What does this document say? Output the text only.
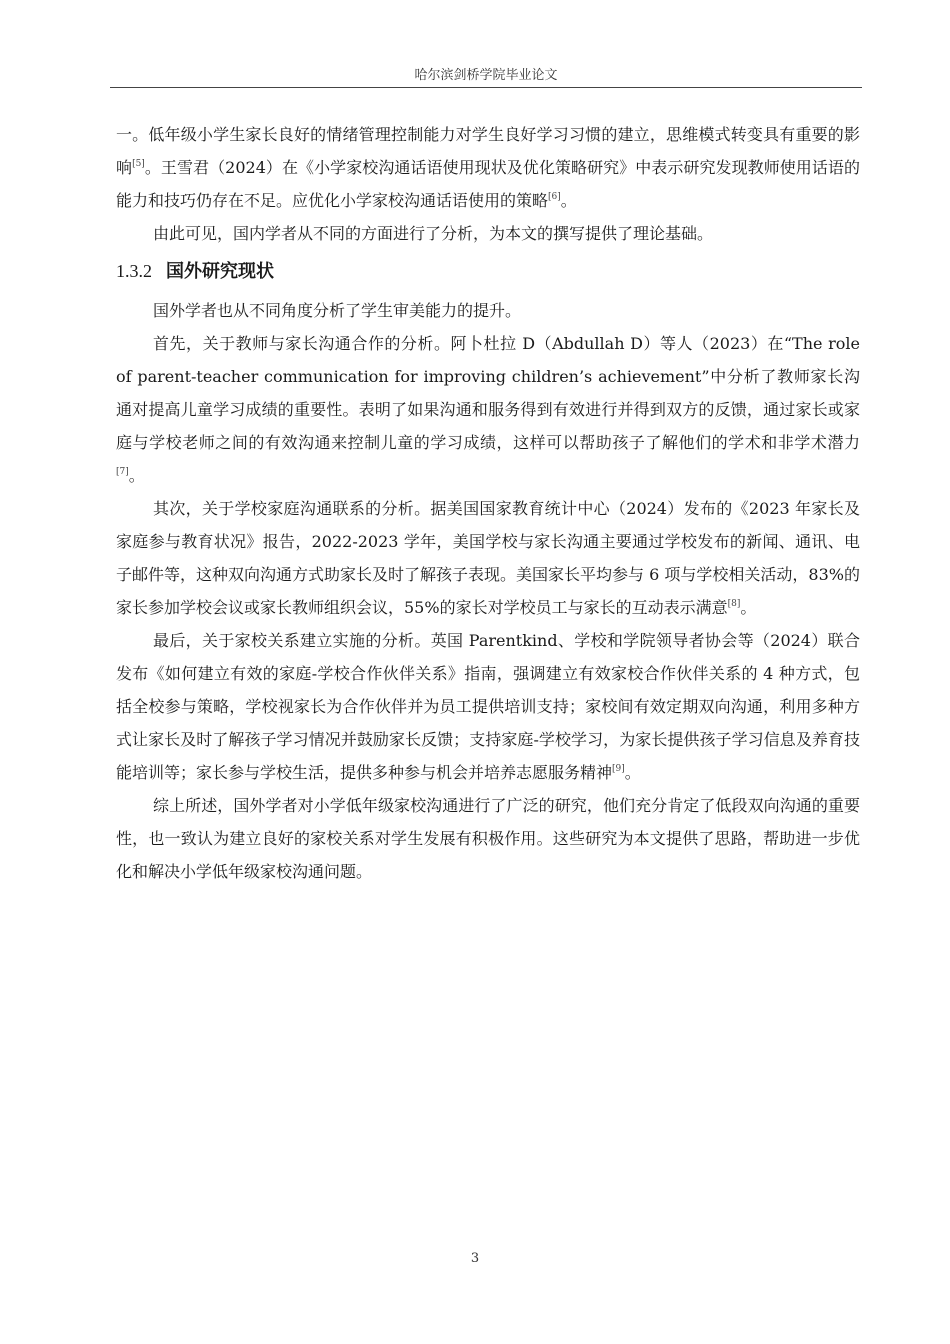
哈尔滨剑桥学院毕业论文

一。低年级小学生家长良好的情绪管理控制能力对学生良好学习习惯的建立，思维模式转变具有重要的影响[5]。王雪君（2024）在《小学家校沟通话语使用现状及优化策略研究》中表示研究发现教师使用话语的能力和技巧仍存在不足。应优化小学家校沟通话语使用的策略[6]。

由此可见，国内学者从不同的方面进行了分析，为本文的撰写提供了理论基础。

1.3.2 国外研究现状

国外学者也从不同角度分析了学生审美能力的提升。

首先，关于教师与家长沟通合作的分析。阿卜杜拉 D（Abdullah D）等人（2023）在“The role of parent-teacher communication for improving children’s achievement”中分析了教师家长沟通对提高儿童学习成绩的重要性。表明了如果沟通和服务得到有效进行并得到双方的反馈，通过家长或家庭与学校老师之间的有效沟通来控制儿童的学习成绩，这样可以帮助孩子了解他们的学术和非学术潜力[7]。

其次，关于学校家庭沟通联系的分析。据美国国家教育统计中心（2024）发布的《2023 年家长及家庭参与教育状况》报告，2022-2023 学年，美国学校与家长沟通主要通过学校发布的新闻、通讯、电子邮件等，这种双向沟通方式助家长及时了解孩子表现。美国家长平均参与 6 项与学校相关活动，83%的家长参加学校会议或家长教师组织会议，55%的家长对学校员工与家长的互动表示满意[8]。

最后，关于家校关系建立实施的分析。英国 Parentkind、学校和学院领导者协会等（2024）联合发布《如何建立有效的家庭-学校合作伙伴关系》指南，强调建立有效家校合作伙伴关系的 4 种方式，包括全校参与策略，学校视家长为合作伙伴并为员工提供培训支持；家校间有效定期双向沟通，利用多种方式让家长及时了解孩子学习情况并鼓励家长反馈；支持家庭-学校学习，为家长提供孩子学习信息及养育技能培训等；家长参与学校生活，提供多种参与机会并培养志愿服务精神[9]。

综上所述，国外学者对小学低年级家校沟通进行了广泛的研究，他们充分肯定了低段双向沟通的重要性，也一致认为建立良好的家校关系对学生发展有积极作用。这些研究为本文提供了思路，帮助进一步优化和解决小学低年级家校沟通问题。

3
